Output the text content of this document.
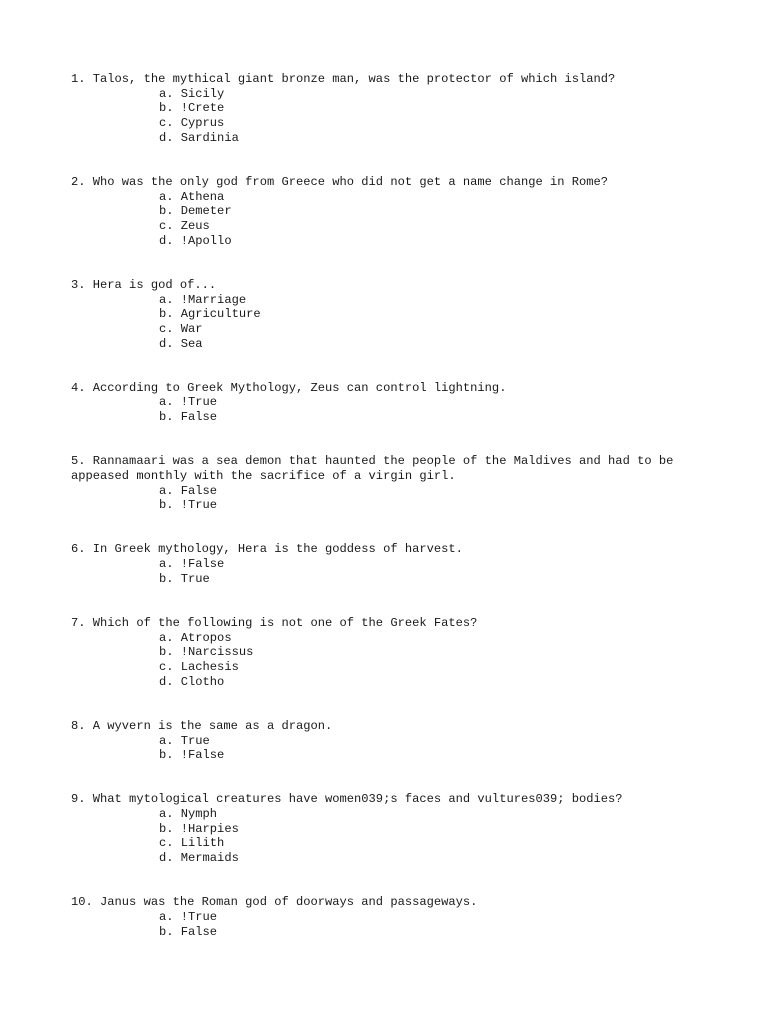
1. Talos, the mythical giant bronze man, was the protector of which island?
a. Sicily
b. !Crete
c. Cyprus
d. Sardinia
2. Who was the only god from Greece who did not get a name change in Rome?
a. Athena
b. Demeter
c. Zeus
d. !Apollo
3. Hera is god of...
a. !Marriage
b. Agriculture
c. War
d. Sea
4. According to Greek Mythology, Zeus can control lightning.
a. !True
b. False
5. Rannamaari was a sea demon that haunted the people of the Maldives and had to be appeased monthly with the sacrifice of a virgin girl.
a. False
b. !True
6. In Greek mythology, Hera is the goddess of harvest.
a. !False
b. True
7. Which of the following is not one of the Greek Fates?
a. Atropos
b. !Narcissus
c. Lachesis
d. Clotho
8. A wyvern is the same as a dragon.
a. True
b. !False
9. What mytological creatures have women039;s faces and vultures039; bodies?
a. Nymph
b. !Harpies
c. Lilith
d. Mermaids
10. Janus was the Roman god of doorways and passageways.
a. !True
b. False
